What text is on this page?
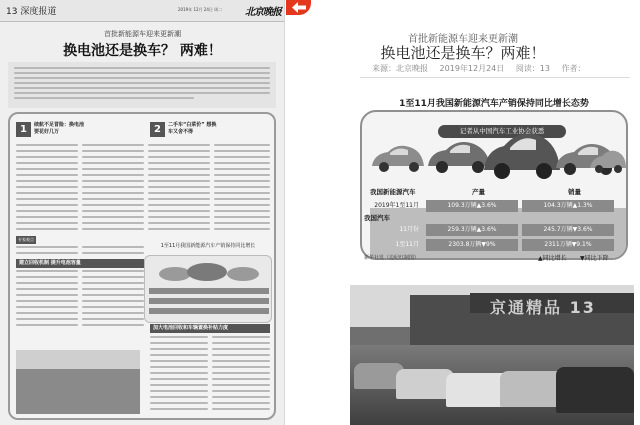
13 深度报道	2019年 12月 24日 周二 北京晚报
首批新能源车迎来更新潮
换电池还是换车？ 两难！
1	续航不足冒险：换电池要花好几万	2	二手车“白菜价” 想换车又舍不得
专家观点
建立回收机制 提升电池容量
加大电池回收和车辆置换补贴力度
1至11月我国新能源汽车产销保持同比增长
首批新能源车迎来更新潮
换电池还是换车？两难！
来源：北京晚报 2019年12月24日 阅读：13 作者：
1至11月我国新能源汽车产销保持同比增长态势
记者从中国汽车工业协会获悉
我国新能源汽车	产量	销量
2019年1至11月	109.3万辆▲3.6%	104.3万辆▲1.3%
我国汽车
11月份	259.3万辆▲3.6%	245.7万辆▼3.6%
1至11月	2303.8万辆▼9%	2311万辆▼9.1%
新华社发（边纪红制图）	▲同比增长 ▼同比下降
京通精品 13
